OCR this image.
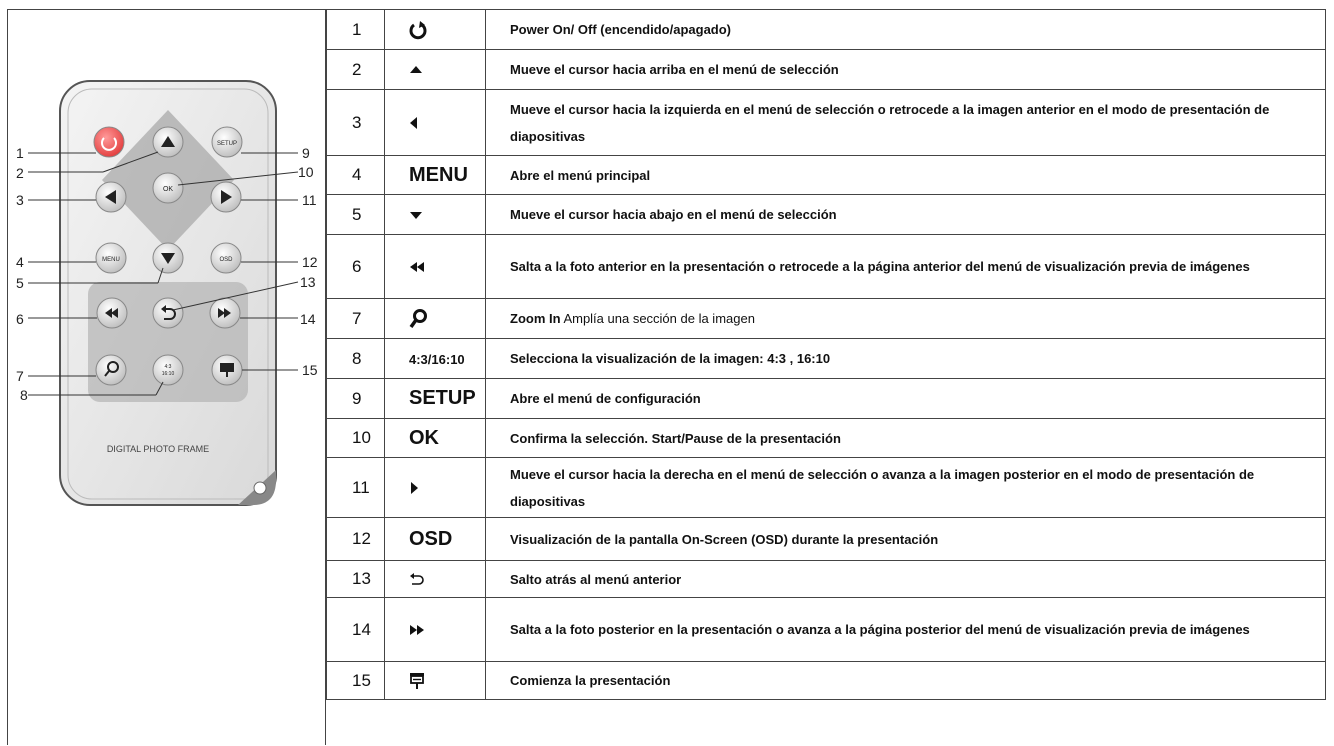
SETUP
OK
MENU	OSD
4:3
16:10
DIGITAL PHOTO FRAME
1
2
3
4
5
6
7
8
9
10
11
12
13
14
15
1		Power On/ Off (encendido/apagado)
2		Mueve el cursor hacia arriba en el menú de selección
3		Mueve el cursor hacia la izquierda en el menú de selección o retrocede a la imagen anterior en el modo de presentación de diapositivas
4	MENU	Abre el menú principal
5		Mueve el cursor hacia abajo en el menú de selección
6		Salta a la foto anterior en la presentación o retrocede a la página anterior del menú de visualización previa de imágenes
7		Zoom In Amplía una sección de la imagen
8	4:3/16:10	Selecciona la visualización de la imagen: 4:3 , 16:10
9	SETUP	Abre el menú de configuración
10	OK	Confirma la selección. Start/Pause de la presentación
11		Mueve el cursor hacia la derecha en el menú de selección o avanza a la imagen posterior en el modo de presentación de diapositivas
12	OSD	Visualización de la pantalla On-Screen (OSD) durante la presentación
13		Salto atrás al menú anterior
14		Salta a la foto posterior en la presentación o avanza a la página posterior del menú de visualización previa de imágenes
15		Comienza la presentación
